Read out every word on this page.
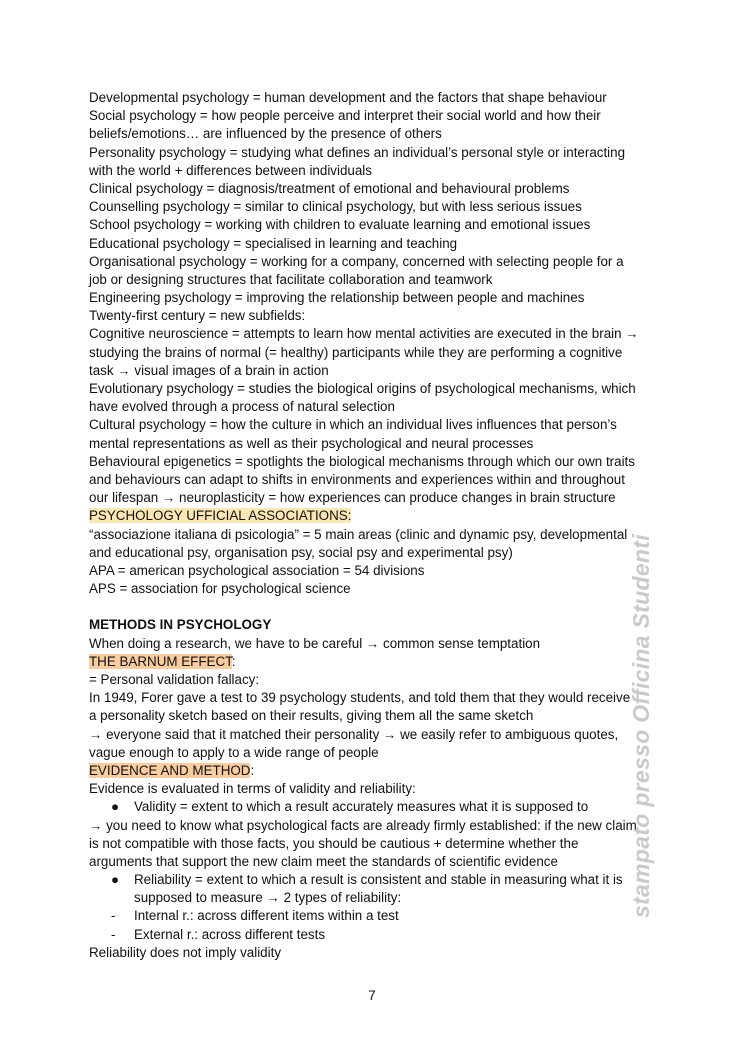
Developmental psychology = human development and the factors that shape behaviour
Social psychology = how people perceive and interpret their social world and how their
beliefs/emotions… are influenced by the presence of others
Personality psychology = studying what defines an individual’s personal style or interacting
with the world + differences between individuals
Clinical psychology = diagnosis/treatment of emotional and behavioural problems
Counselling psychology = similar to clinical psychology, but with less serious issues
School psychology = working with children to evaluate learning and emotional issues
Educational psychology = specialised in learning and teaching
Organisational psychology = working for a company, concerned with selecting people for a
job or designing structures that facilitate collaboration and teamwork
Engineering psychology = improving the relationship between people and machines
Twenty-first century = new subfields:
Cognitive neuroscience = attempts to learn how mental activities are executed in the brain →
studying the brains of normal (= healthy) participants while they are performing a cognitive
task → visual images of a brain in action
Evolutionary psychology = studies the biological origins of psychological mechanisms, which
have evolved through a process of natural selection
Cultural psychology = how the culture in which an individual lives influences that person’s
mental representations as well as their psychological and neural processes
Behavioural epigenetics = spotlights the biological mechanisms through which our own traits
and behaviours can adapt to shifts in environments and experiences within and throughout
our lifespan → neuroplasticity = how experiences can produce changes in brain structure
PSYCHOLOGY UFFICIAL ASSOCIATIONS:
“associazione italiana di psicologia” = 5 main areas (clinic and dynamic psy, developmental
and educational psy, organisation psy, social psy and experimental psy)
APA = american psychological association = 54 divisions
APS = association for psychological science
METHODS IN PSYCHOLOGY
When doing a research, we have to be careful → common sense temptation
THE BARNUM EFFECT:
= Personal validation fallacy:
In 1949, Forer gave a test to 39 psychology students, and told them that they would receive
a personality sketch based on their results, giving them all the same sketch
→ everyone said that it matched their personality → we easily refer to ambiguous quotes,
vague enough to apply to a wide range of people
EVIDENCE AND METHOD:
Evidence is evaluated in terms of validity and reliability:
● Validity = extent to which a result accurately measures what it is supposed to
→ you need to know what psychological facts are already firmly established: if the new claim
is not compatible with those facts, you should be cautious + determine whether the
arguments that support the new claim meet the standards of scientific evidence
● Reliability = extent to which a result is consistent and stable in measuring what it is
supposed to measure → 2 types of reliability:
- Internal r.: across different items within a test
- External r.: across different tests
Reliability does not imply validity
stampato presso Officina Studenti
7
